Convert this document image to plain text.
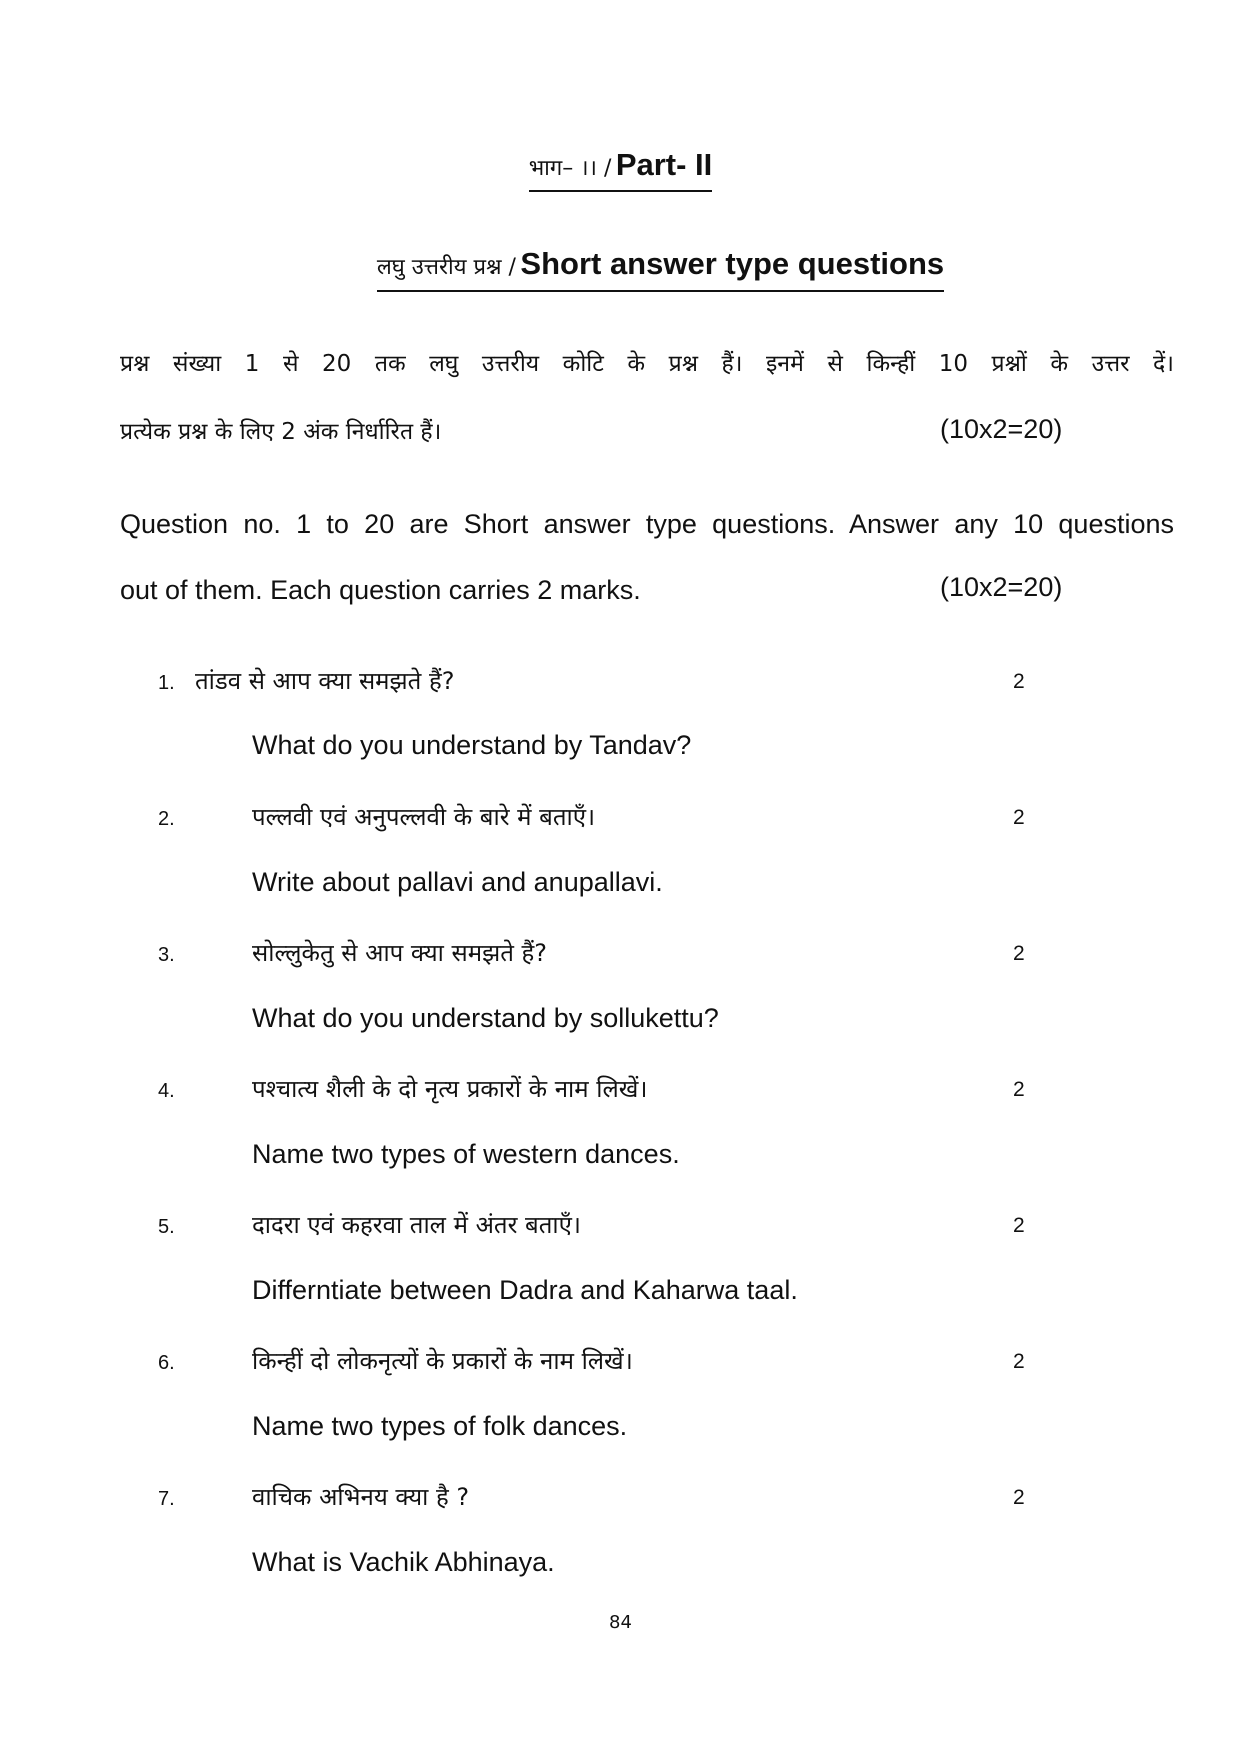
भाग– ।। / Part- II
लघु उत्तरीय प्रश्न / Short answer type questions
प्रश्न संख्या 1 से 20 तक लघु उत्तरीय कोटि के प्रश्न हैं। इनमें से किन्हीं 10 प्रश्नों के उत्तर दें।
प्रत्येक प्रश्न के लिए 2 अंक निर्धारित हैं।	(10x2=20)
Question no. 1 to 20 are Short answer type questions. Answer any 10 questions
out of them. Each question carries 2 marks.	(10x2=20)
1. तांडव से आप क्या समझते हैं?	2
What do you understand by Tandav?
2.	पल्लवी एवं अनुपल्लवी के बारे में बताएँ।	2
Write about pallavi and anupallavi.
3.	सोल्लुकेतु से आप क्या समझते हैं?	2
What do you understand by sollukettu?
4.	पश्चात्य शैली के दो नृत्य प्रकारों के नाम लिखें।	2
Name two types of western dances.
5.	दादरा एवं कहरवा ताल में अंतर बताएँ।	2
Differntiate between Dadra and Kaharwa taal.
6.	किन्हीं दो लोकनृत्यों के प्रकारों के नाम लिखें।	2
Name two types of folk dances.
7.	वाचिक अभिनय क्या है ?	2
What is Vachik Abhinaya.
84
